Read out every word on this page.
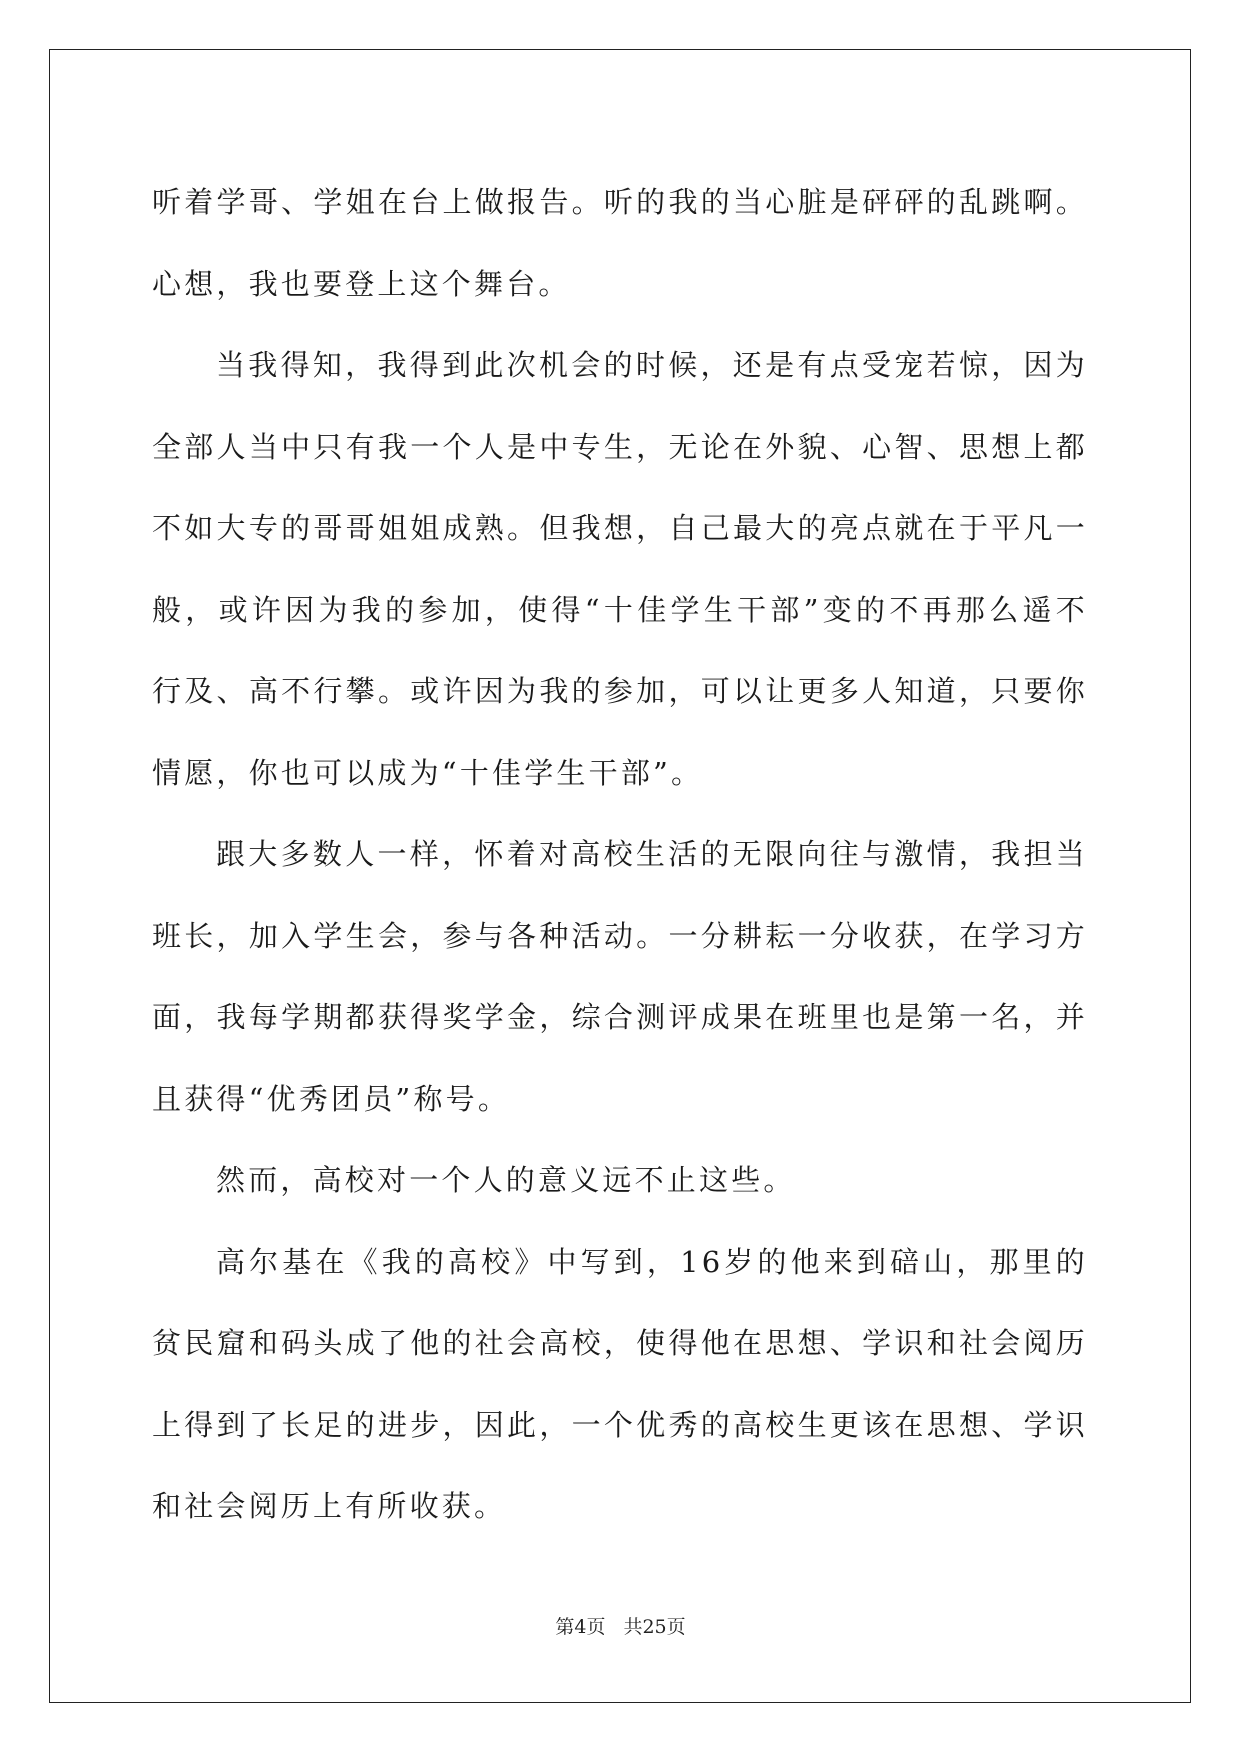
听着学哥、学姐在台上做报告。听的我的当心脏是砰砰的乱跳啊。心想，我也要登上这个舞台。

当我得知，我得到此次机会的时候，还是有点受宠若惊，因为全部人当中只有我一个人是中专生，无论在外貌、心智、思想上都不如大专的哥哥姐姐成熟。但我想，自己最大的亮点就在于平凡一般，或许因为我的参加，使得“十佳学生干部”变的不再那么遥不行及、高不行攀。或许因为我的参加，可以让更多人知道，只要你情愿，你也可以成为“十佳学生干部”。

跟大多数人一样，怀着对高校生活的无限向往与激情，我担当班长，加入学生会，参与各种活动。一分耕耘一分收获，在学习方面，我每学期都获得奖学金，综合测评成果在班里也是第一名，并且获得“优秀团员”称号。

然而，高校对一个人的意义远不止这些。

高尔基在《我的高校》中写到，16岁的他来到碚山，那里的贫民窟和码头成了他的社会高校，使得他在思想、学识和社会阅历上得到了长足的进步，因此，一个优秀的高校生更该在思想、学识和社会阅历上有所收获。

第4页 共25页
